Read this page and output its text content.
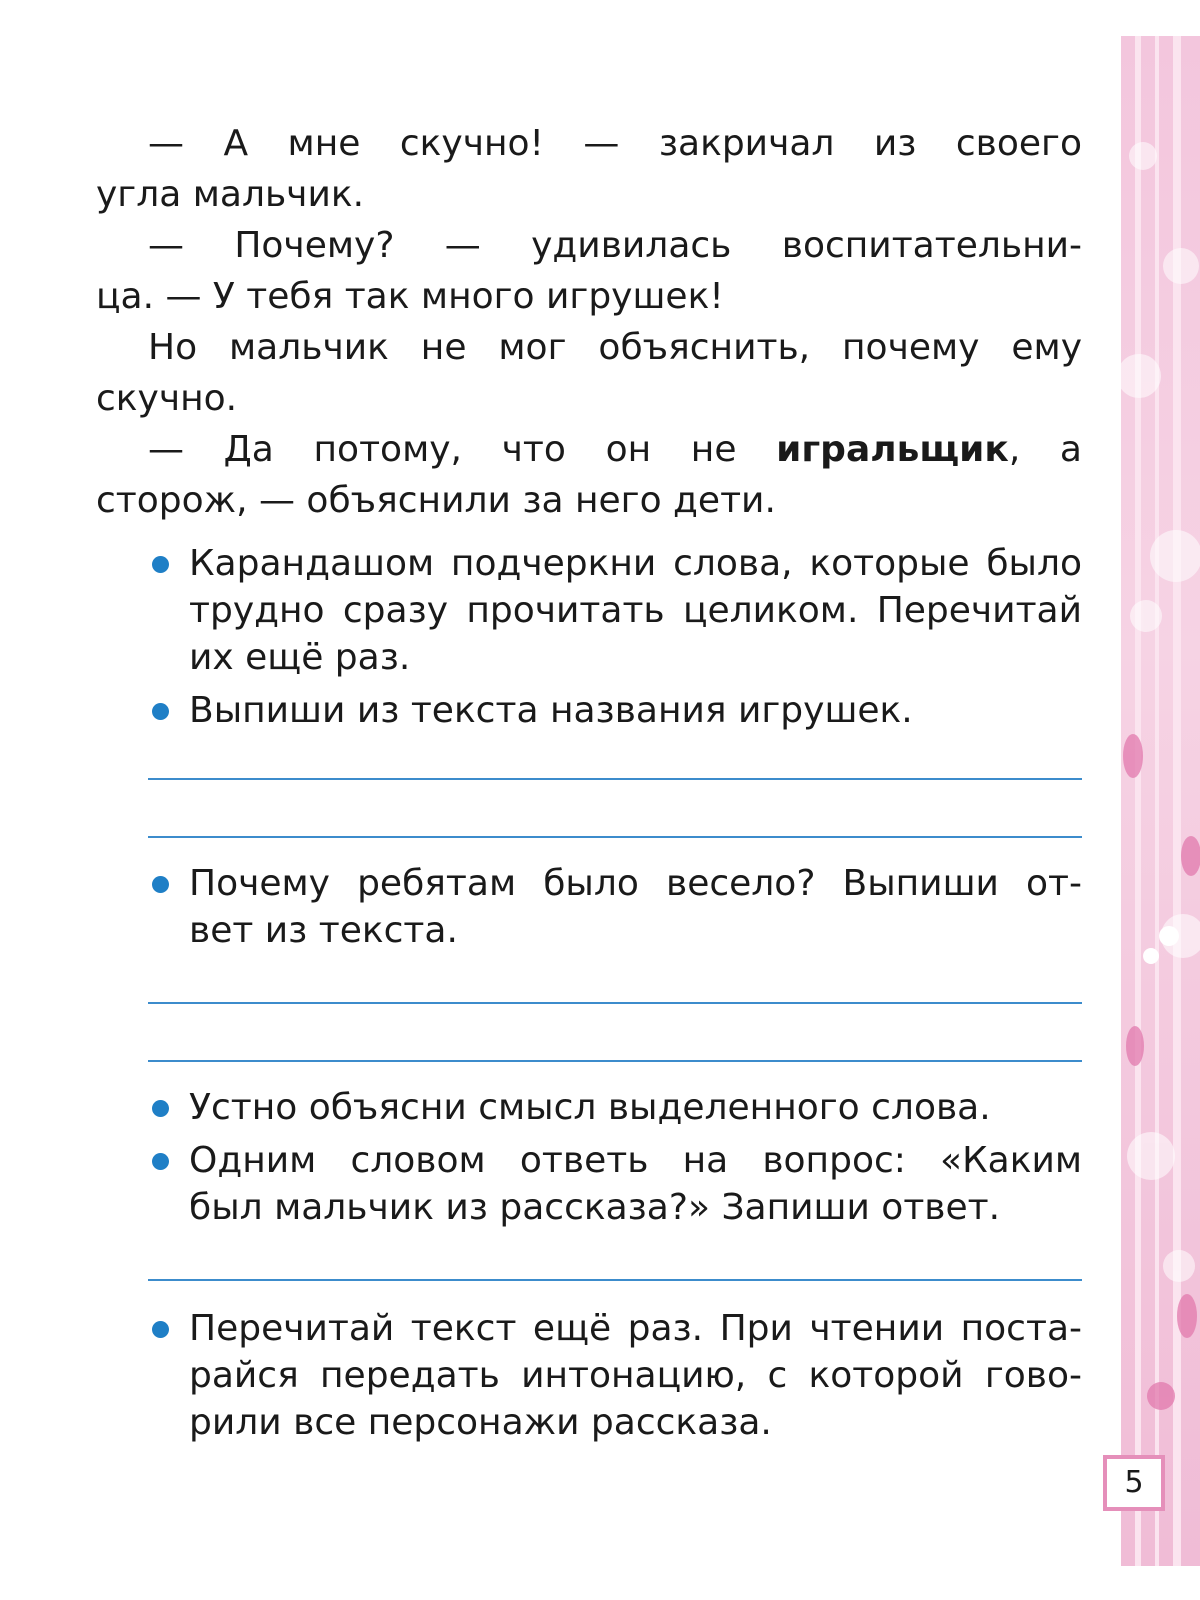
— А мне скучно! — закричал из своего

угла мальчик.

— Почему? — удивилась воспитательни-

ца. — У тебя так много игрушек!

Но мальчик не мог объяснить, почему ему

скучно.

— Да потому, что он не игральщик, а

сторож, — объяснили за него дети.

Карандашом подчеркни слова, которые было
трудно сразу прочитать целиком. Перечитай
их ещё раз.
Выпиши из текста названия игрушек.
Почему ребятам было весело? Выпиши от-
вет из текста.
Устно объясни смысл выделенного слова.
Одним словом ответь на вопрос: «Каким
был мальчик из рассказа?» Запиши ответ.
Перечитай текст ещё раз. При чтении поста-
райся передать интонацию, с которой гово-
рили все персонажи рассказа.
5
